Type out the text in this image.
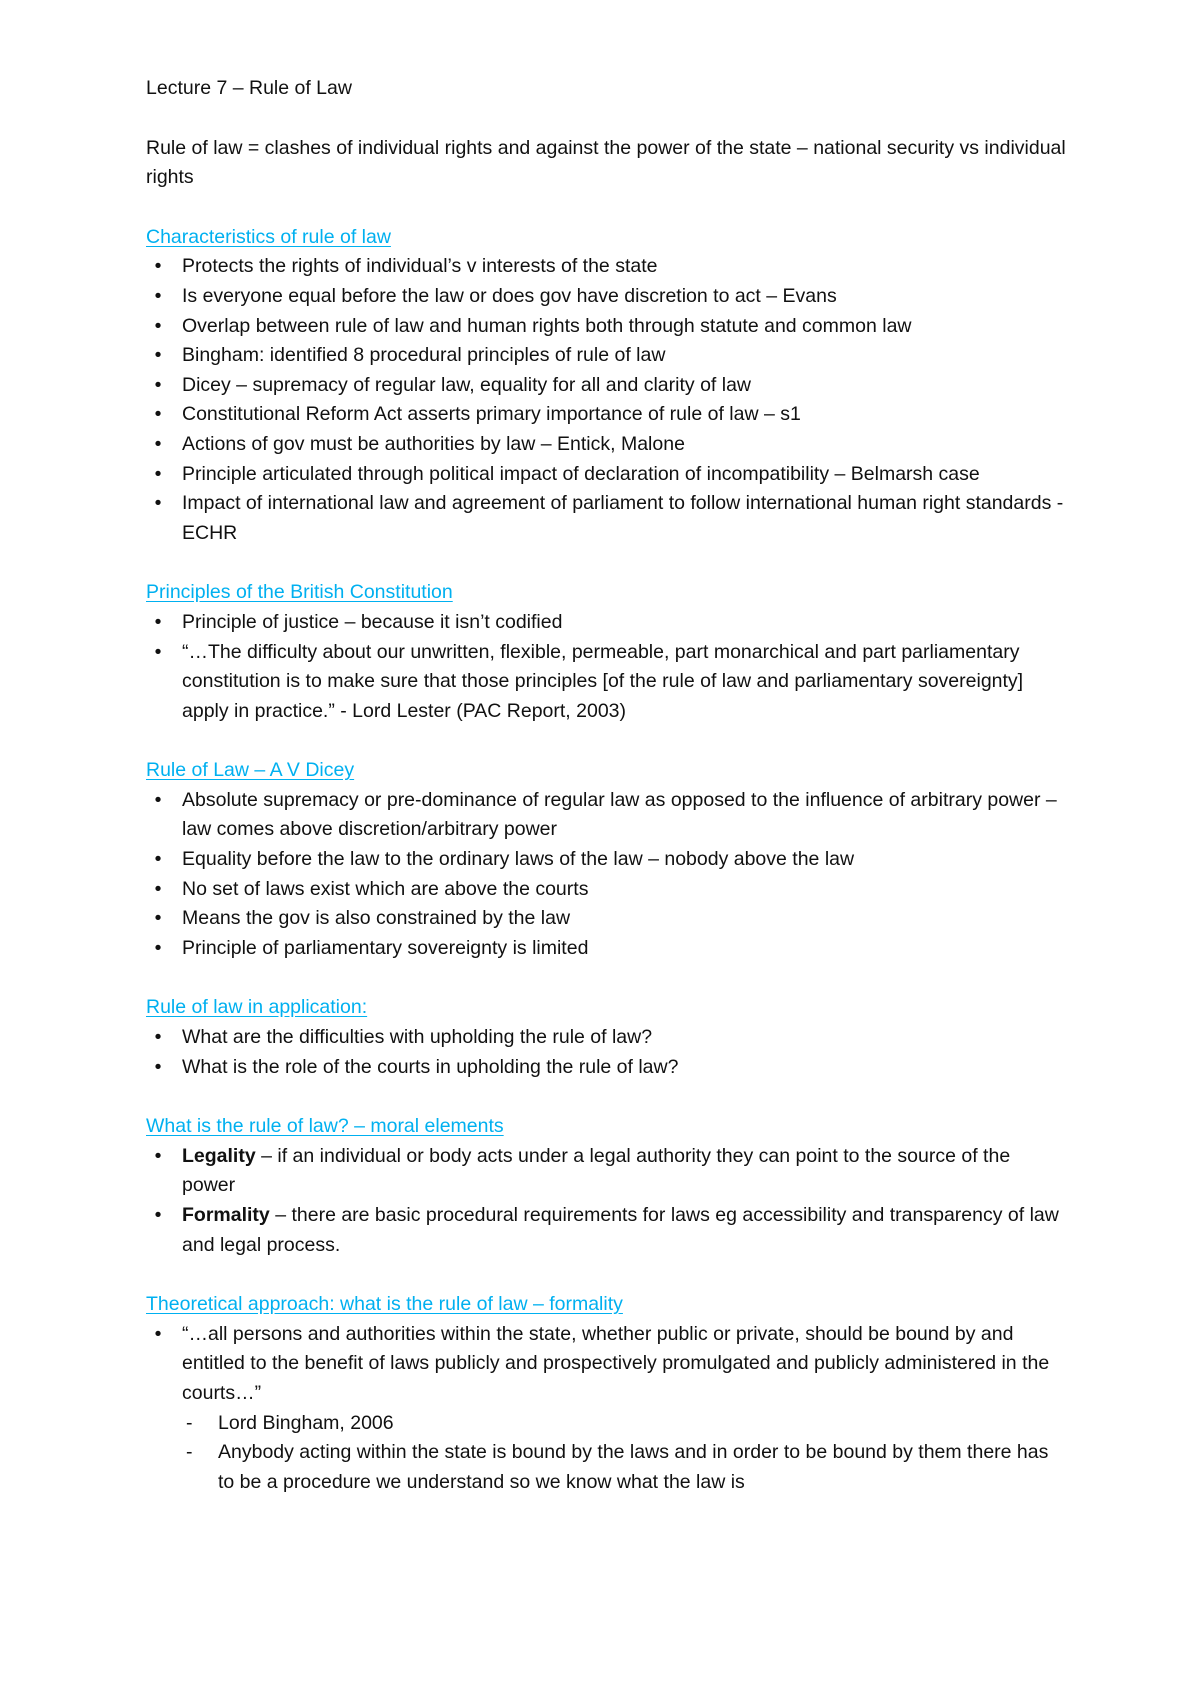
Lecture 7 – Rule of Law

Rule of law = clashes of individual rights and against the power of the state – national security vs individual rights

Characteristics of rule of law

•	Protects the rights of individual’s v interests of the state
•	Is everyone equal before the law or does gov have discretion to act – Evans
•	Overlap between rule of law and human rights both through statute and common law
•	Bingham: identified 8 procedural principles of rule of law
•	Dicey – supremacy of regular law, equality for all and clarity of law
•	Constitutional Reform Act asserts primary importance of rule of law – s1
•	Actions of gov must be authorities by law – Entick, Malone
•	Principle articulated through political impact of declaration of incompatibility – Belmarsh case
•	Impact of international law and agreement of parliament to follow international human right standards - ECHR

Principles of the British Constitution

•	Principle of justice – because it isn’t codified
•	“…The difficulty about our unwritten, flexible, permeable, part monarchical and part parliamentary constitution is to make sure that those principles [of the rule of law and parliamentary sovereignty] apply in practice.” - Lord Lester (PAC Report, 2003)

Rule of Law – A V Dicey

•	Absolute supremacy or pre-dominance of regular law as opposed to the influence of arbitrary power – law comes above discretion/arbitrary power
•	Equality before the law to the ordinary laws of the law – nobody above the law
•	No set of laws exist which are above the courts
•	Means the gov is also constrained by the law
•	Principle of parliamentary sovereignty is limited

Rule of law in application:

•	What are the difficulties with upholding the rule of law?
•	What is the role of the courts in upholding the rule of law?

What is the rule of law? – moral elements

•	Legality – if an individual or body acts under a legal authority they can point to the source of the power
•	Formality – there are basic procedural requirements for laws eg accessibility and transparency of law and legal process.

Theoretical approach: what is the rule of law – formality

•	“…all persons and authorities within the state, whether public or private, should be bound by and entitled to the benefit of laws publicly and prospectively promulgated and publicly administered in the courts…”
- Lord Bingham, 2006
- Anybody acting within the state is bound by the laws and in order to be bound by them there has to be a procedure we understand so we know what the law is
